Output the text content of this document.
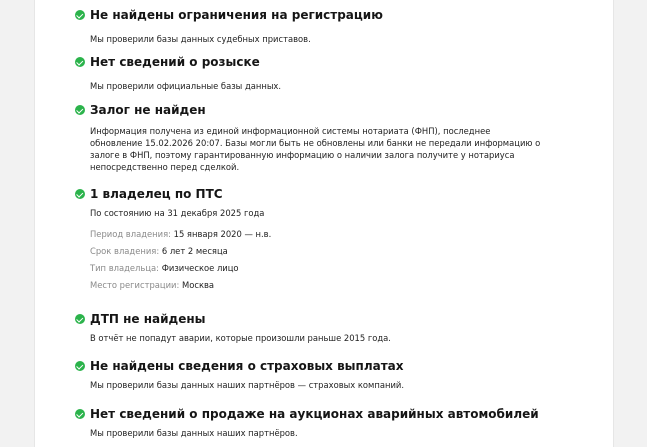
Не найдены ограничения на регистрацию
Мы проверили базы данных судебных приставов.
Нет сведений о розыске
Мы проверили официальные базы данных.
Залог не найден
Информация получена из единой информационной системы нотариата (ФНП), последнее
обновление 15.02.2026 20:07. Базы могли быть не обновлены или банки не передали информацию о
залоге в ФНП, поэтому гарантированную информацию о наличии залога получите у нотариуса
непосредственно перед сделкой.
1 владелец по ПТС
По состоянию на 31 декабря 2025 года
Период владения: 15 января 2020 — н.в.
Срок владения: 6 лет 2 месяца
Тип владельца: Физическое лицо
Место регистрации: Москва
ДТП не найдены
В отчёт не попадут аварии, которые произошли раньше 2015 года.
Не найдены сведения о страховых выплатах
Мы проверили базы данных наших партнёров — страховых компаний.
Нет сведений о продаже на аукционах аварийных автомобилей
Мы проверили базы данных наших партнёров.
